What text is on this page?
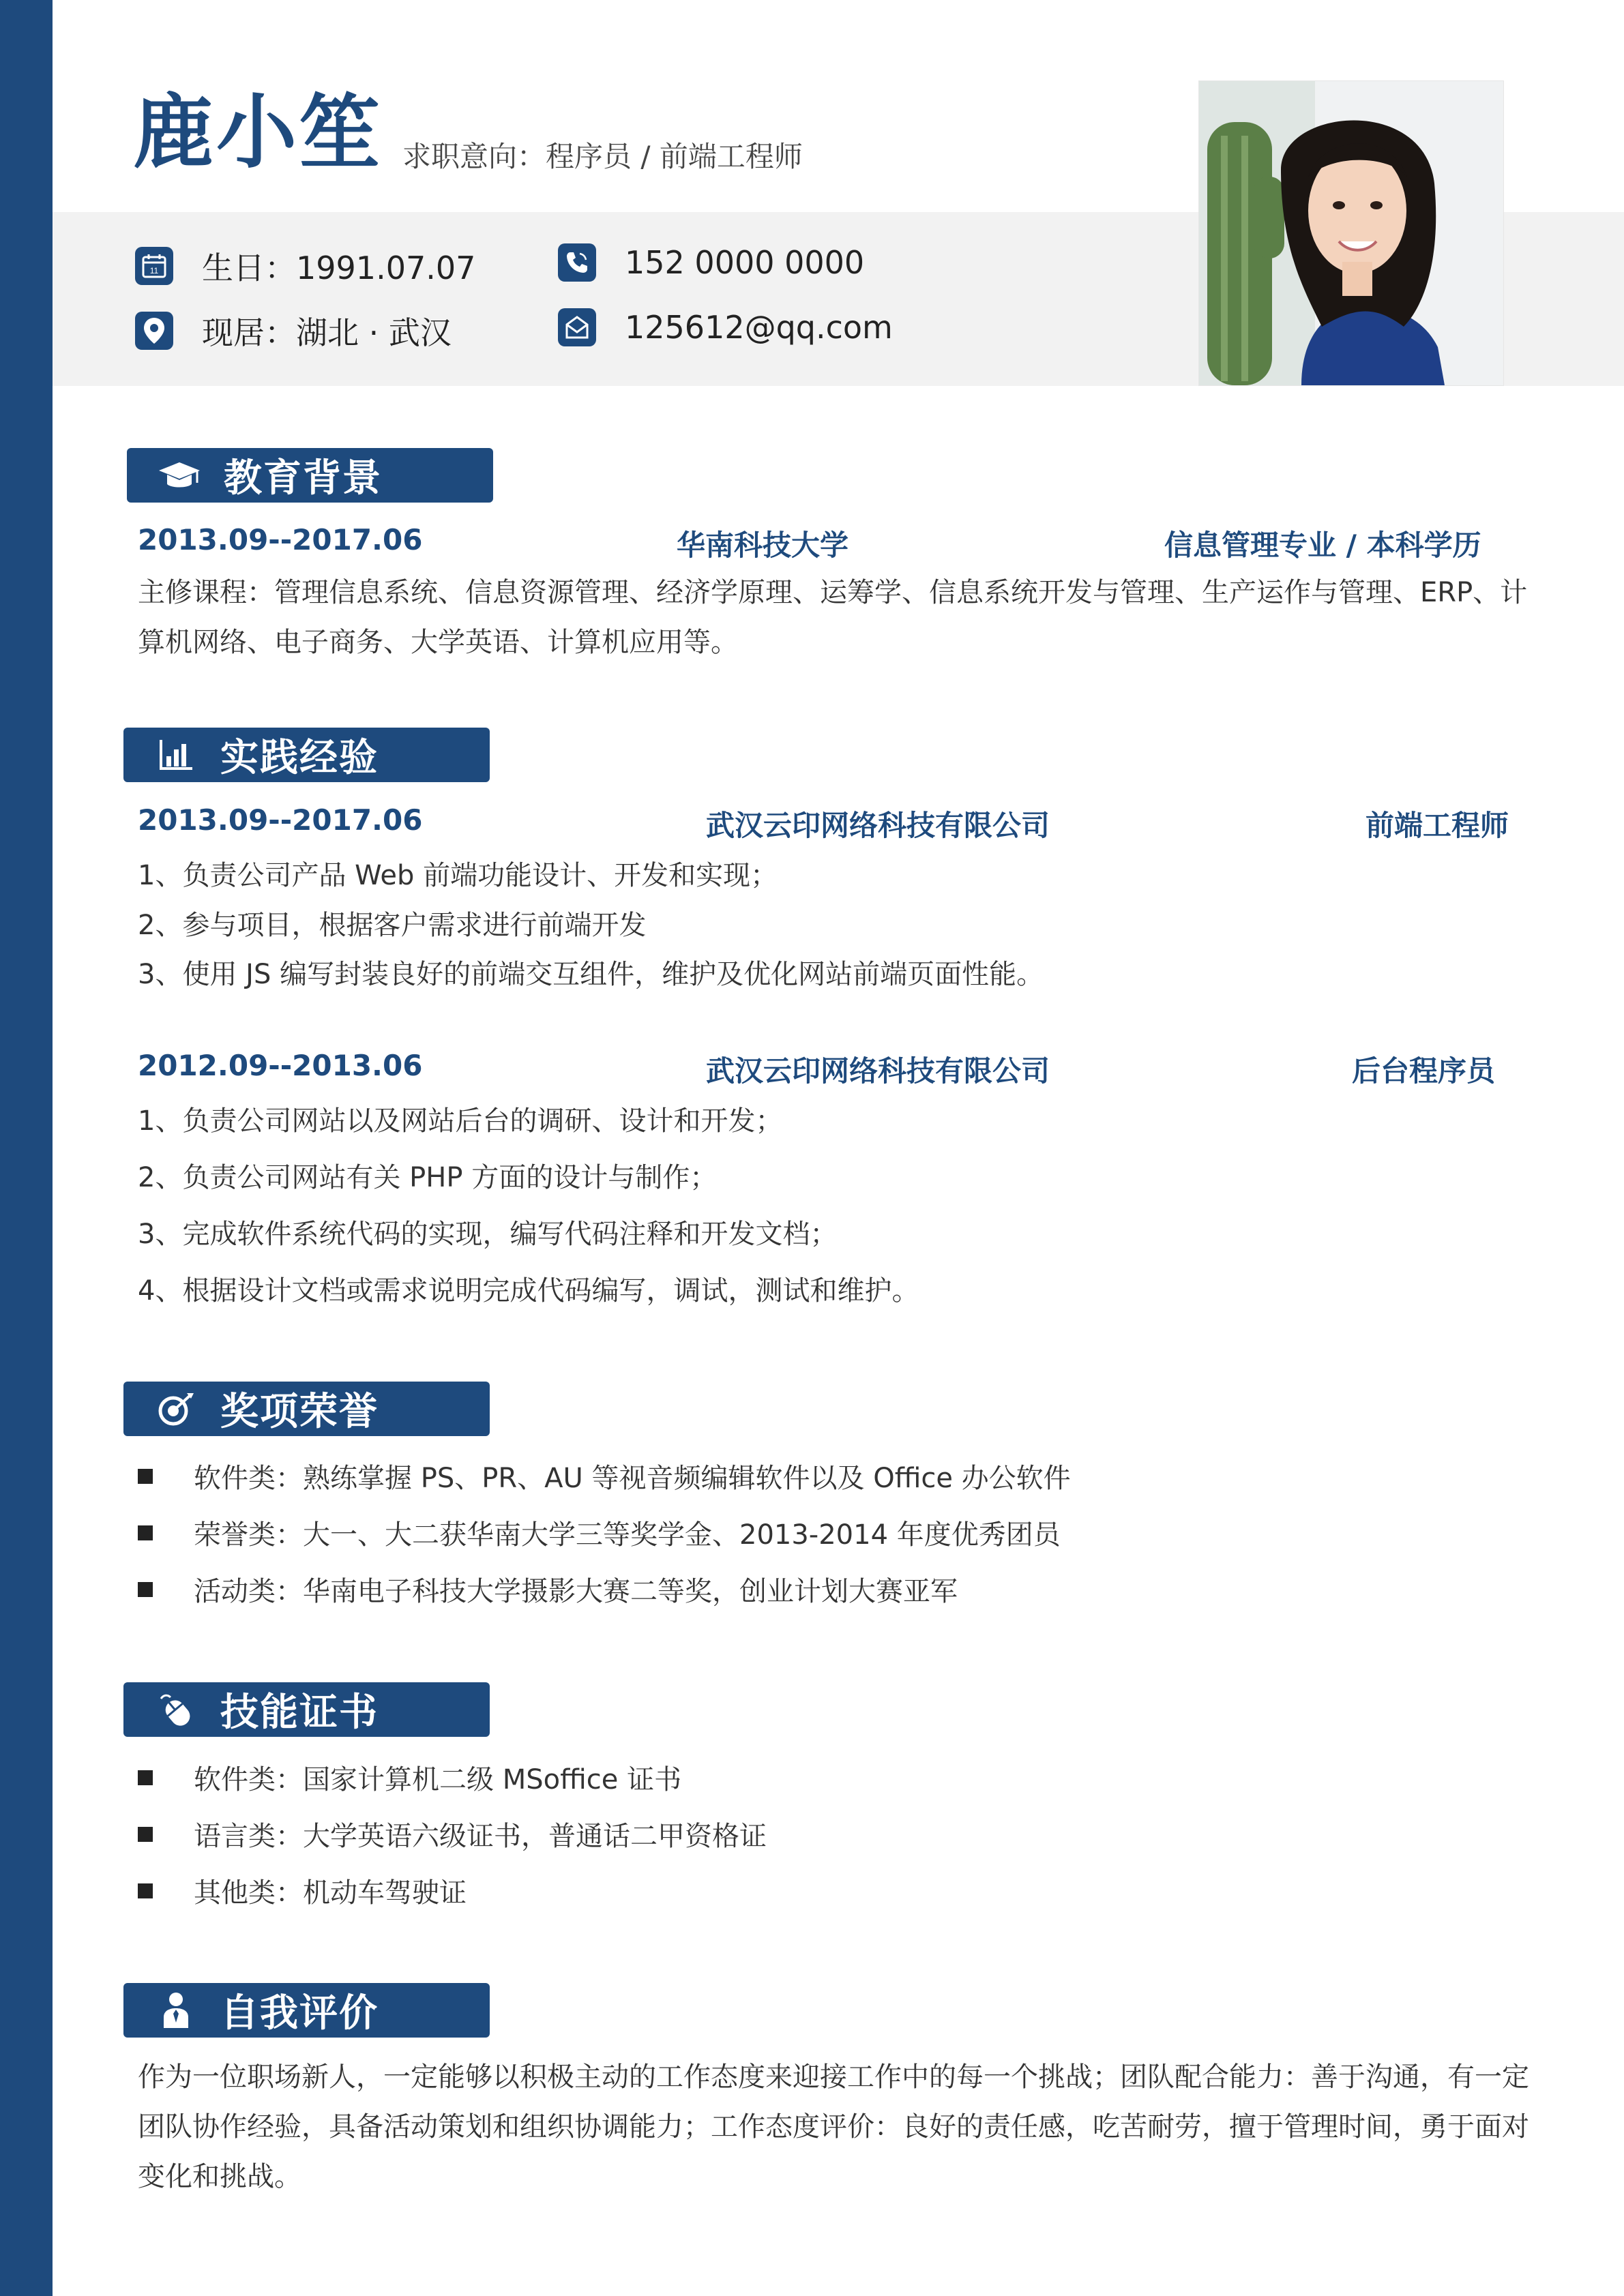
鹿小笙 求职意向：程序员 / 前端工程师
11 生日：1991.07.07
现居：湖北 · 武汉
152 0000 0000
125612@qq.com
教育背景
2013.09--2017.06	华南科技大学	信息管理专业 / 本科学历
主修课程：管理信息系统、信息资源管理、经济学原理、运筹学、信息系统开发与管理、生产运作与管理、ERP、计算机网络、电子商务、大学英语、计算机应用等。
实践经验
2013.09--2017.06	武汉云印网络科技有限公司	前端工程师
1、负责公司产品 Web 前端功能设计、开发和实现；
2、参与项目，根据客户需求进行前端开发
3、使用 JS 编写封装良好的前端交互组件，维护及优化网站前端页面性能。
2012.09--2013.06	武汉云印网络科技有限公司	后台程序员
1、负责公司网站以及网站后台的调研、设计和开发；
2、负责公司网站有关 PHP 方面的设计与制作；
3、完成软件系统代码的实现，编写代码注释和开发文档；
4、根据设计文档或需求说明完成代码编写，调试，测试和维护。
奖项荣誉
软件类：熟练掌握 PS、PR、AU 等视音频编辑软件以及 Office 办公软件
荣誉类：大一、大二获华南大学三等奖学金、2013-2014 年度优秀团员
活动类：华南电子科技大学摄影大赛二等奖，创业计划大赛亚军
技能证书
软件类：国家计算机二级 MSoffice 证书
语言类：大学英语六级证书，普通话二甲资格证
其他类：机动车驾驶证
自我评价
作为一位职场新人，一定能够以积极主动的工作态度来迎接工作中的每一个挑战；团队配合能力：善于沟通，有一定团队协作经验，具备活动策划和组织协调能力；工作态度评价：良好的责任感，吃苦耐劳，擅于管理时间，勇于面对变化和挑战。
